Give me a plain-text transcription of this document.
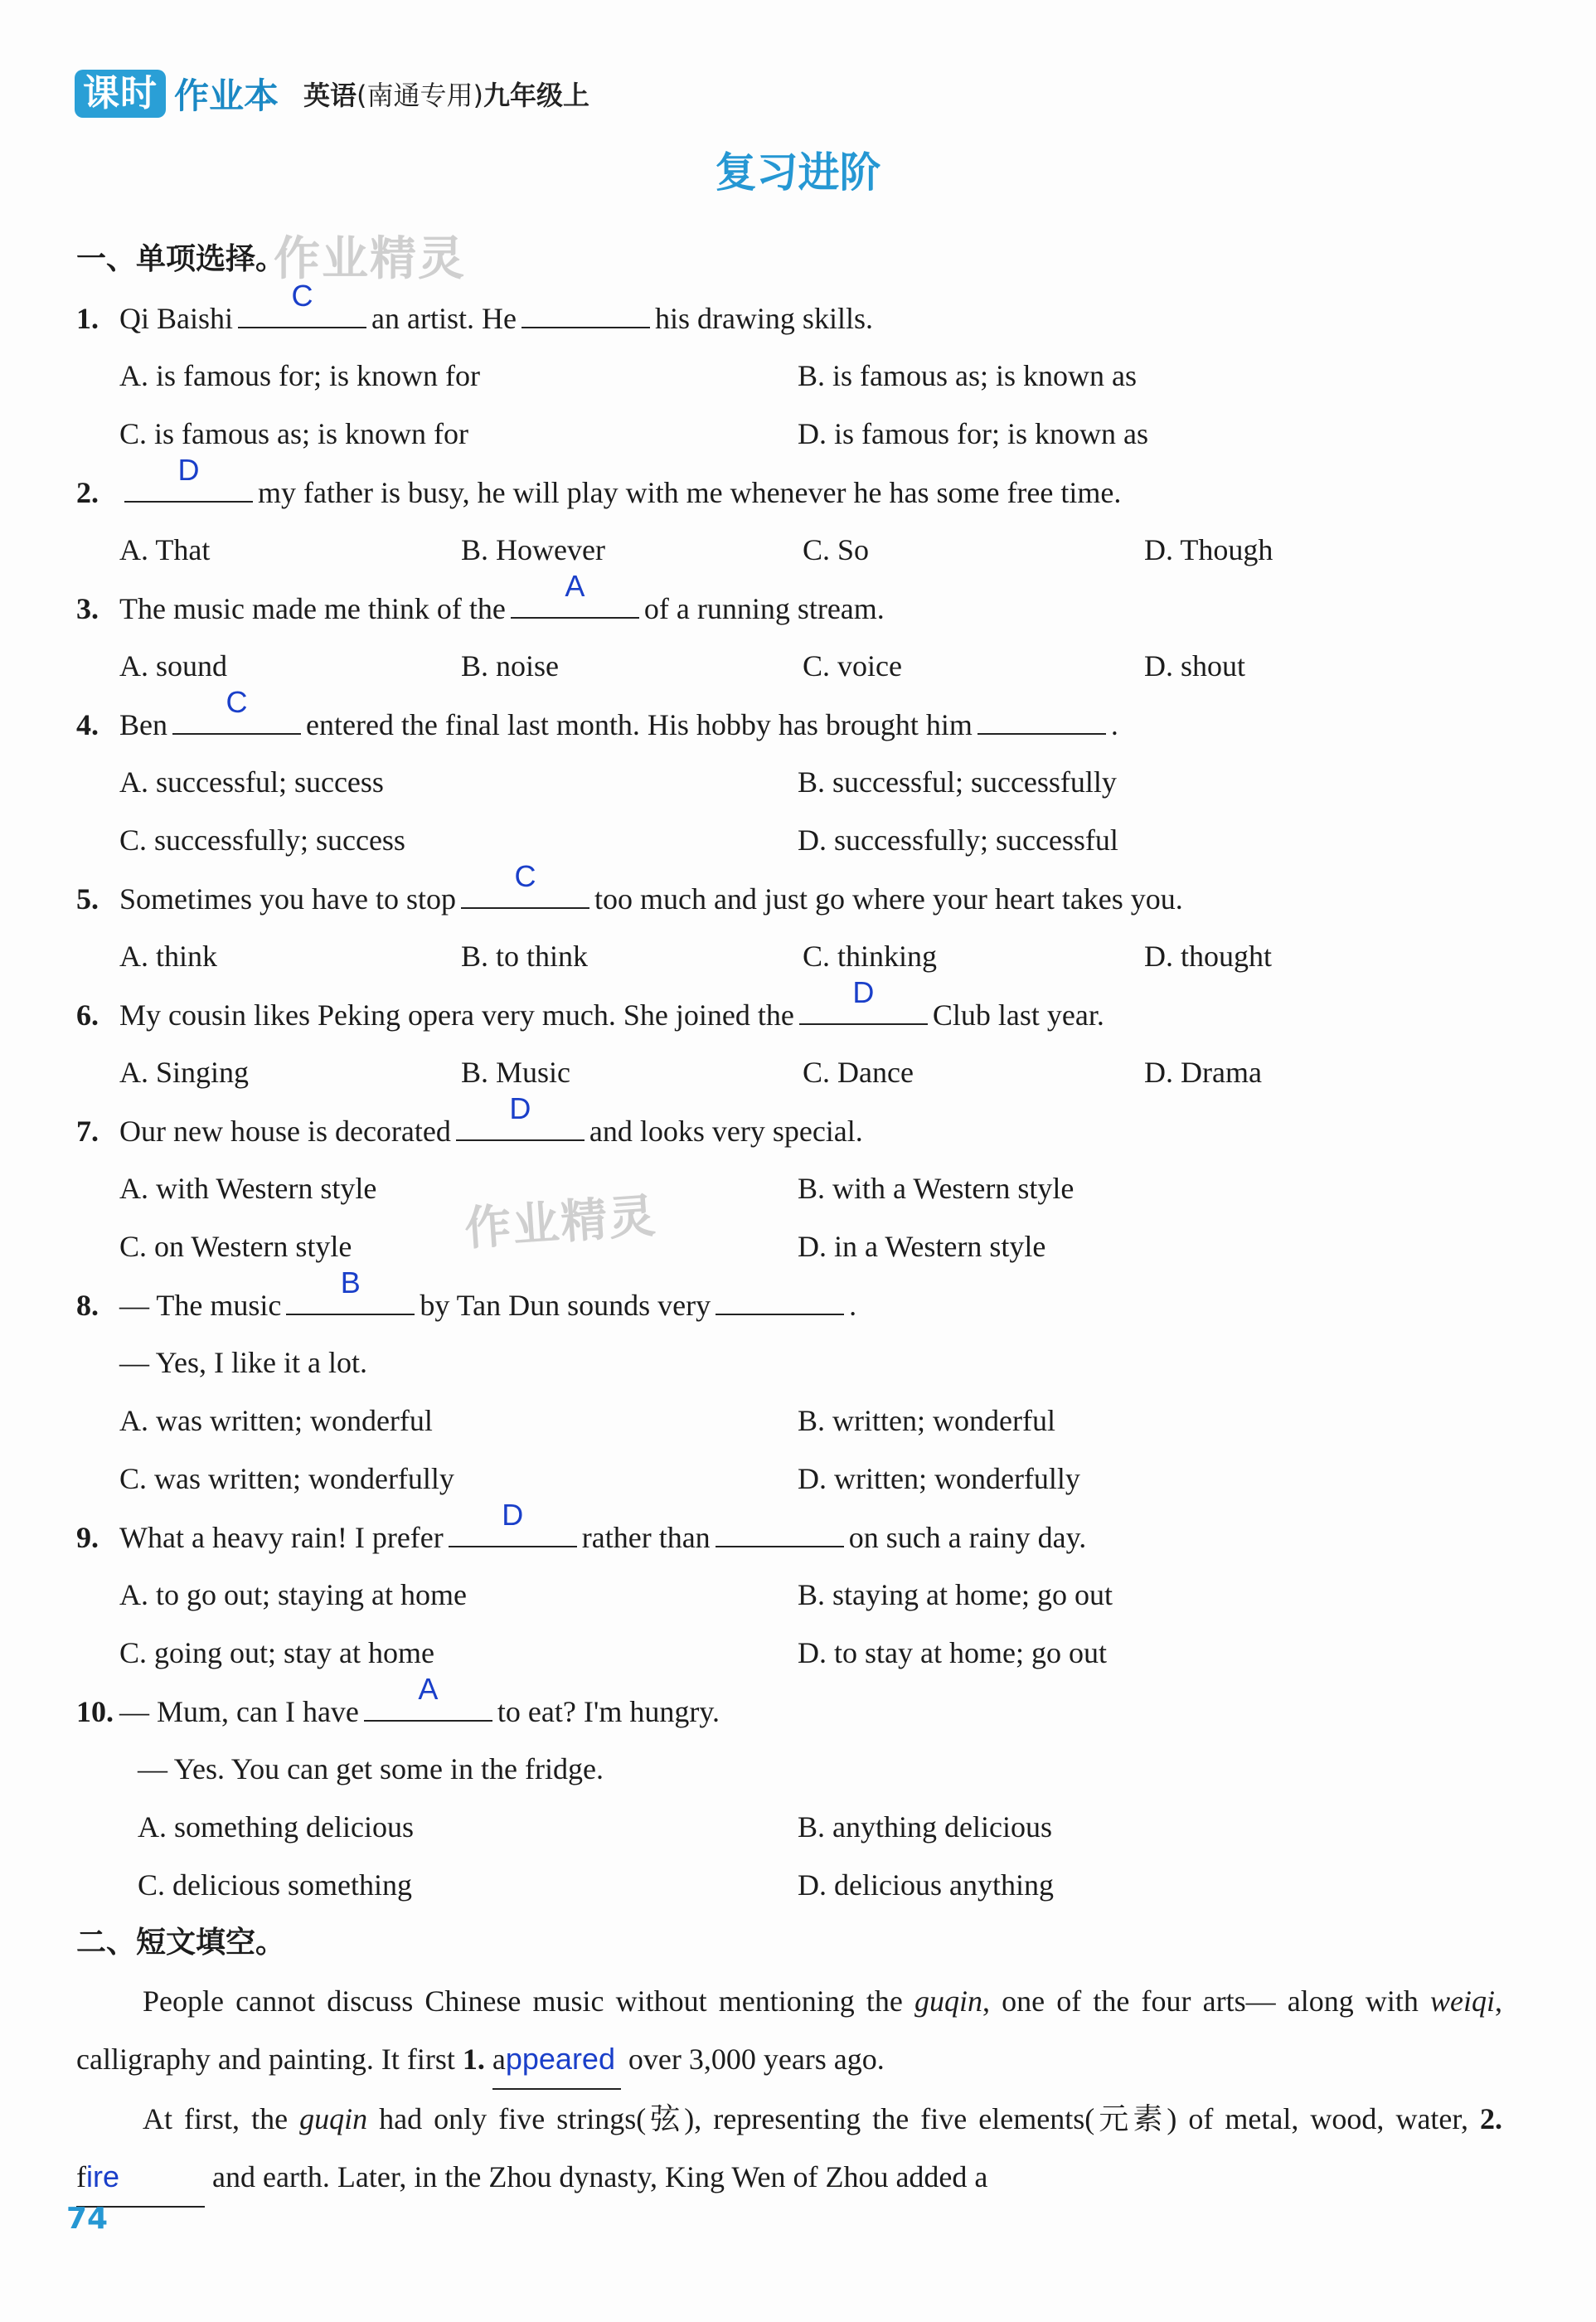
课时 作业本 英语(南通专用)九年级上
复习进阶
作业精灵
作业精灵
一、单项选择。
1. Qi Baishi
C
an artist. He	his drawing skills.
A. is famous for; is known for	B. is famous as; is known as
C. is famous as; is known for	D. is famous for; is known as
2.
D
my father is busy, he will play with me whenever he has some free time.
A. That	B. However	C. So	D. Though
3. The music made me think of the
A
of a running stream.
A. sound	B. noise	C. voice	D. shout
4. Ben
C
entered the final last month. His hobby has brought him	.
A. successful; success	B. successful; successfully
C. successfully; success	D. successfully; successful
5. Sometimes you have to stop
C
too much and just go where your heart takes you.
A. think	B. to think	C. thinking	D. thought
6. My cousin likes Peking opera very much. She joined the
D
Club last year.
A. Singing	B. Music	C. Dance	D. Drama
7. Our new house is decorated
D
and looks very special.
A. with Western style	B. with a Western style
C. on Western style	D. in a Western style
8. — The music
B
by Tan Dun sounds very	.
— Yes, I like it a lot.
A. was written; wonderful	B. written; wonderful
C. was written; wonderfully	D. written; wonderfully
9. What a heavy rain! I prefer
D
rather than	on such a rainy day.
A. to go out; staying at home	B. staying at home; go out
C. going out; stay at home	D. to stay at home; go out
10. — Mum, can I have
A
to eat? I'm hungry.
— Yes. You can get some in the fridge.
A. something delicious	B. anything delicious
C. delicious something	D. delicious anything
二、短文填空。

People cannot discuss Chinese music without mentioning the guqin, one of the four arts— along with weiqi, calligraphy and painting. It first 1. appeared over 3,000 years ago.

At first, the guqin had only five strings(弦), representing the five elements(元素) of metal, wood, water, 2. fire	and earth. Later, in the Zhou dynasty, King Wen of Zhou added a

74
